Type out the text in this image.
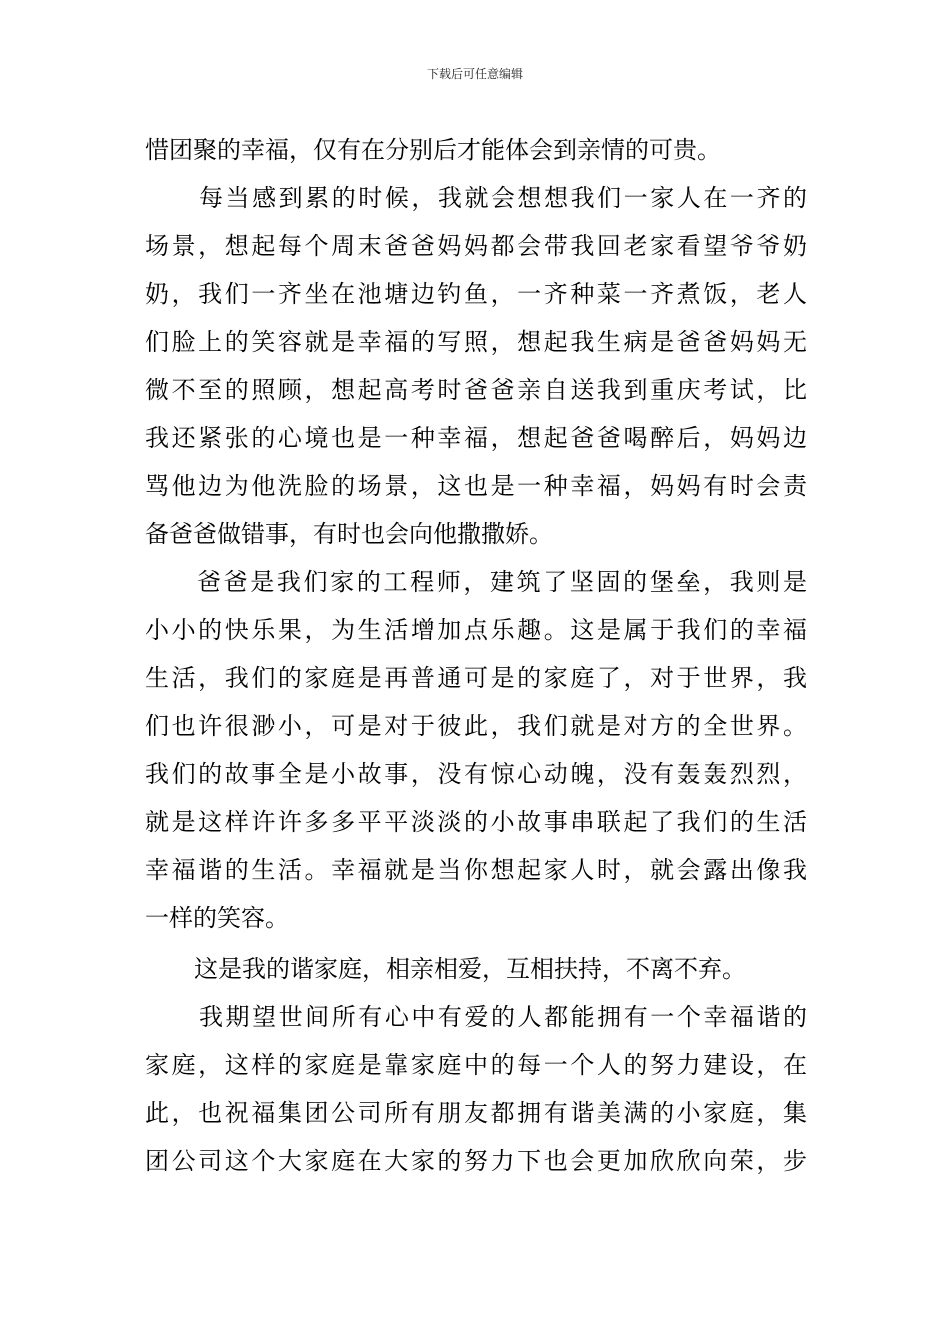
下载后可任意编辑
惜团聚的幸福，仅有在分别后才能体会到亲情的可贵。
每当感到累的时候，我就会想想我们一家人在一齐的
场景，想起每个周末爸爸妈妈都会带我回老家看望爷爷奶
奶，我们一齐坐在池塘边钓鱼，一齐种菜一齐煮饭，老人
们脸上的笑容就是幸福的写照，想起我生病是爸爸妈妈无
微不至的照顾，想起高考时爸爸亲自送我到重庆考试，比
我还紧张的心境也是一种幸福，想起爸爸喝醉后，妈妈边
骂他边为他洗脸的场景，这也是一种幸福，妈妈有时会责
备爸爸做错事，有时也会向他撒撒娇。
爸爸是我们家的工程师，建筑了坚固的堡垒，我则是
小小的快乐果，为生活增加点乐趣。这是属于我们的幸福
生活，我们的家庭是再普通可是的家庭了，对于世界，我
们也许很渺小，可是对于彼此，我们就是对方的全世界。
我们的故事全是小故事，没有惊心动魄，没有轰轰烈烈，
就是这样许许多多平平淡淡的小故事串联起了我们的生活
幸福谐的生活。幸福就是当你想起家人时，就会露出像我
一样的笑容。
这是我的谐家庭，相亲相爱，互相扶持，不离不弃。
我期望世间所有心中有爱的人都能拥有一个幸福谐的
家庭，这样的家庭是靠家庭中的每一个人的努力建设，在
此，也祝福集团公司所有朋友都拥有谐美满的小家庭，集
团公司这个大家庭在大家的努力下也会更加欣欣向荣，步
